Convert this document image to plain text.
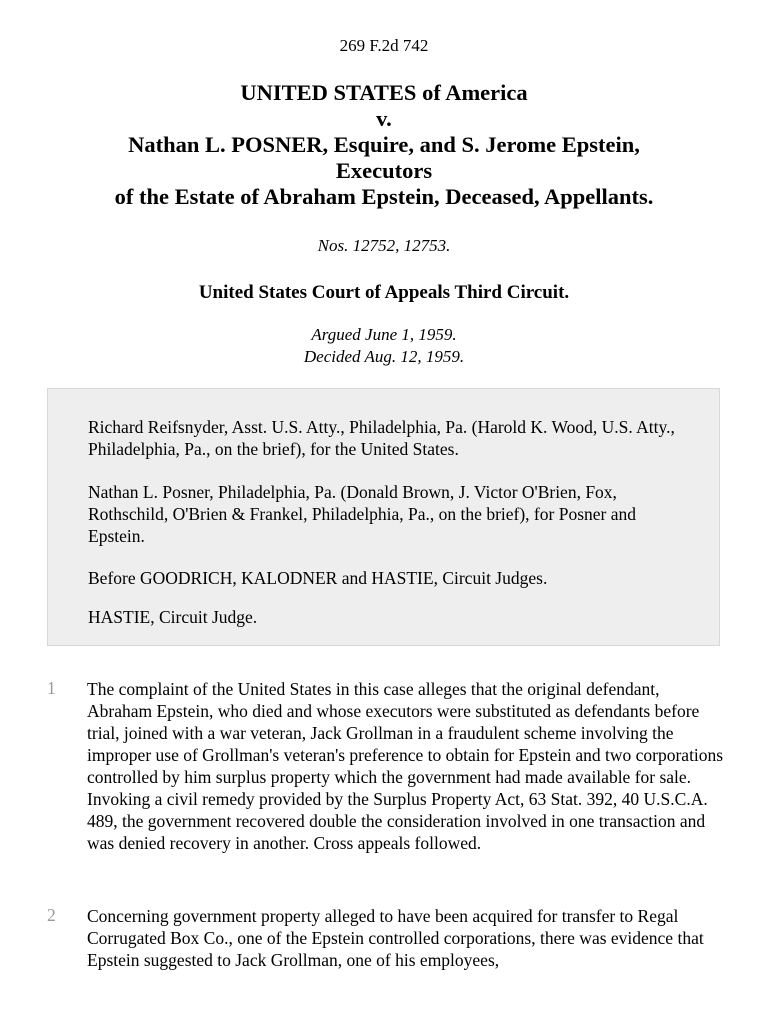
269 F.2d 742
UNITED STATES of America
v.
Nathan L. POSNER, Esquire, and S. Jerome Epstein,
Executors
of the Estate of Abraham Epstein, Deceased, Appellants.
Nos. 12752, 12753.
United States Court of Appeals Third Circuit.
Argued June 1, 1959.
Decided Aug. 12, 1959.

Richard Reifsnyder, Asst. U.S. Atty., Philadelphia, Pa. (Harold K. Wood, U.S. Atty., Philadelphia, Pa., on the brief), for the United States.

Nathan L. Posner, Philadelphia, Pa. (Donald Brown, J. Victor O'Brien, Fox, Rothschild, O'Brien & Frankel, Philadelphia, Pa., on the brief), for Posner and Epstein.

Before GOODRICH, KALODNER and HASTIE, Circuit Judges.

HASTIE, Circuit Judge.

1 The complaint of the United States in this case alleges that the original defendant, Abraham Epstein, who died and whose executors were substituted as defendants before trial, joined with a war veteran, Jack Grollman in a fraudulent scheme involving the improper use of Grollman's veteran's preference to obtain for Epstein and two corporations controlled by him surplus property which the government had made available for sale. Invoking a civil remedy provided by the Surplus Property Act, 63 Stat. 392, 40 U.S.C.A. 489, the government recovered double the consideration involved in one transaction and was denied recovery in another. Cross appeals followed.

2 Concerning government property alleged to have been acquired for transfer to Regal Corrugated Box Co., one of the Epstein controlled corporations, there was evidence that Epstein suggested to Jack Grollman, one of his employees,
